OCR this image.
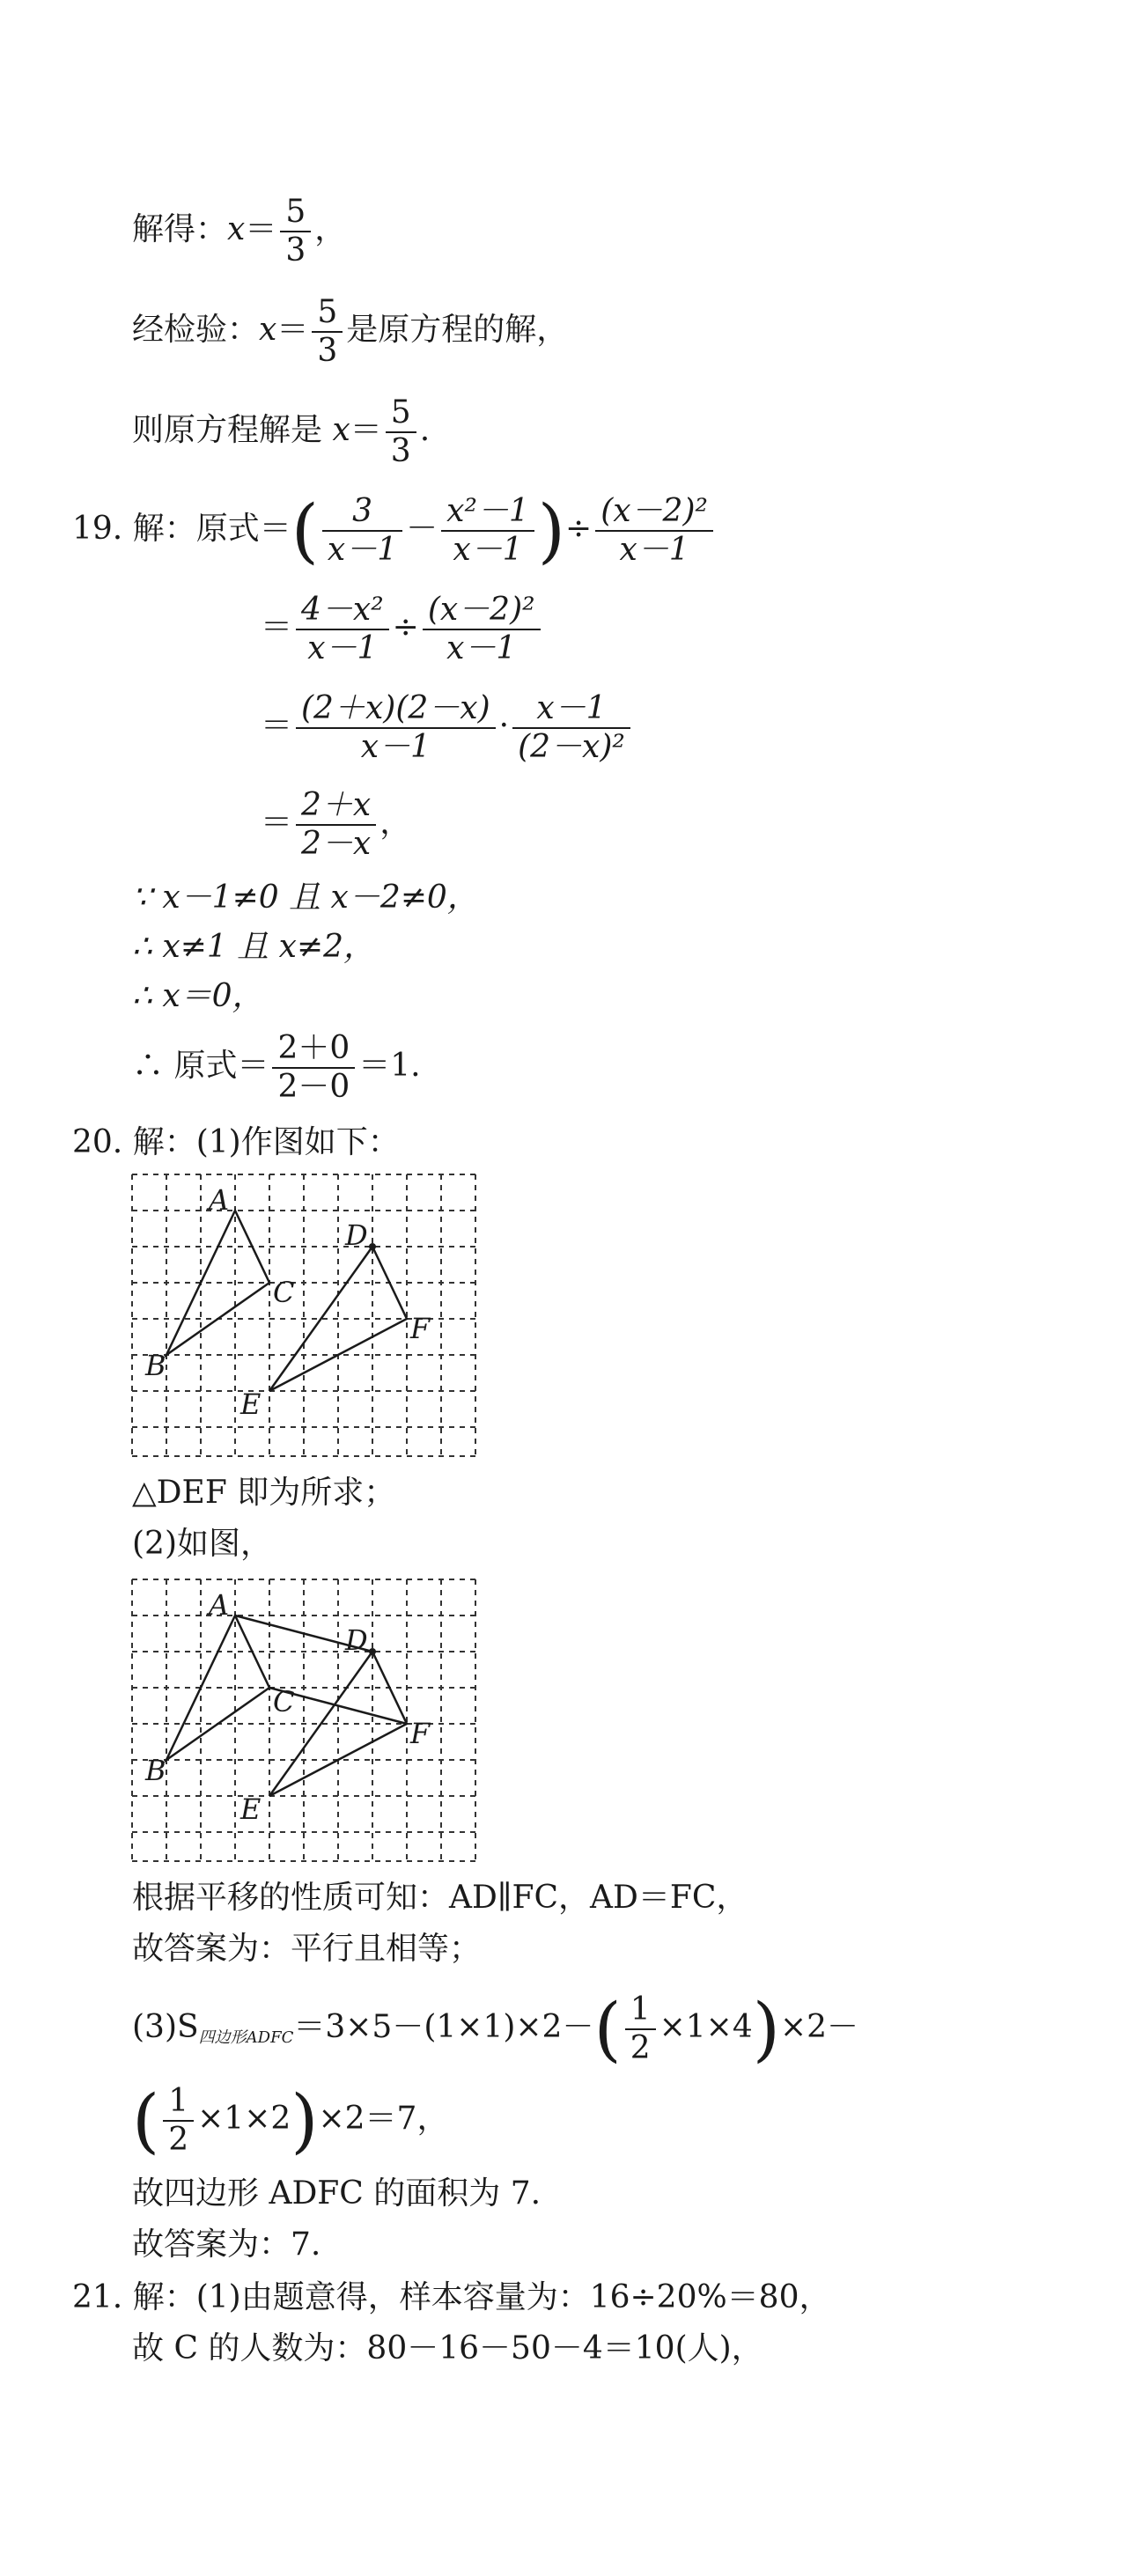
解得：$x= \frac{5}{3}$ ，
经检验：$x= \frac{5}{3}$ 是原方程的解，
则原方程解是 $x= \frac{5}{3}$ .
19. 解：原式＝( $\frac{3}{x-1} - \frac{\text{x²－1}}{x-1}$ )÷ $\frac{\text{(x－2)²}}{x-1}$
＝ $\frac{\text{4－x²}}{x-1} \div \frac{\text{(x－2)²}}{x-1}$
＝ $\frac{(2+x)(2-x)}{x-1} \cdot \frac{x-1}{\text{(2－x)²}}$
＝ $\frac{2+x}{2-x}$ ，
∵ x－1≠0 且 x－2≠0，
∴ x≠1 且 x≠2，
∴ x＝0，
∴ 原式＝ $\frac{2+0}{2-0} =1$.
20. 解：(1)作图如下：
A
B
C
D
E
F
△DEF 即为所求；
(2)如图，
A
B
C
D
E
F
根据平移的性质可知：AD∥FC，AD＝FC，
故答案为：平行且相等；
$(3)S_{四边形ADFC}=3\times 5-(1\times 1)\times 2-( \frac{1}{2} \times 1\times 4)\times 2-$
( $\frac{1}{2} \times 1\times 2)\times 2=7$，
故四边形 ADFC 的面积为 7.
故答案为：7.
21. 解：(1)由题意得，样本容量为：16÷20%＝80，
故 C 的人数为：80－16－50－4＝10(人)，
